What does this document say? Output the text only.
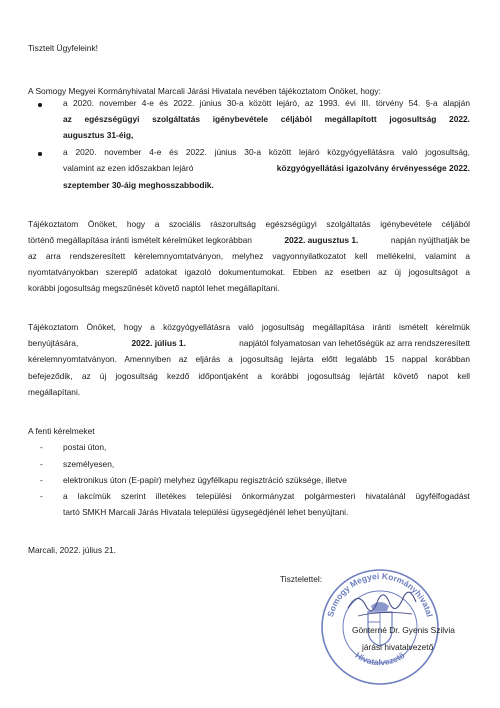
Tisztelt Ügyfeleink!
A Somogy Megyei Kormányhivatal Marcali Járási Hivatala nevében tájékoztatom Önöket, hogy:
a 2020. november 4-e és 2022. június 30-a között lejáró, az 1993. évi III. törvény 54. §-a alapján
az egészségügyi szolgáltatás igénybevétele céljából megállapított jogosultság 2022.
augusztus 31-éig,
a 2020. november 4-e és 2022. június 30-a között lejáró közgyógyellátásra való jogosultság,
valamint az ezen időszakban lejáró	közgyógyellátási igazolvány érvényessége 2022.
szeptember 30-áig meghosszabbodik.
Tájékoztatom Önöket, hogy a szociális rászorultság egészségügyi szolgáltatás igénybevétele céljából
történő megállapítása iránti ismételt kérelmüket legkorábban	2022. augusztus 1.	napján nyújthatják be
az arra rendszeresített kérelemnyomtatványon, melyhez vagyonnyilatkozatot kell mellékelni, valamint a
nyomtatványokban szereplő adatokat igazoló dokumentumokat. Ebben az esetben az új jogosultságot a
korábbi jogosultság megszűnését követő naptól lehet megállapítani.
Tájékoztatom Önöket, hogy a közgyógyellátásra való jogosultság megállapítása iránti ismételt kérelmük
benyújtására,	2022. július 1.	napjától folyamatosan van lehetőségük az arra rendszeresített
kérelemnyomtatványon. Amennyiben az eljárás a jogosultság lejárta előtt legalább 15 nappal korábban
befejeződik, az új jogosultság kezdő időpontjaként a korábbi jogosultság lejártát követő napot kell
megállapítani.
A fenti kérelmeket
- postai úton,
- személyesen,
- elektronikus úton (E-papír) melyhez ügyfélkapu regisztráció szüksége, illetve
- a lakcímük szerint illetékes települési önkormányzat polgármesteri hivatalánál ügyfélfogadást
tartó SMKH Marcali Járás Hivatala települési ügysegédjénél lehet benyújtani.
Marcali, 2022. július 21.
Tisztelettel:
Somogy Megyei Kormányhivatal
Hivatalvezető
Gönterné Dr. Gyenis Szilvia
járási hivatalvezető
